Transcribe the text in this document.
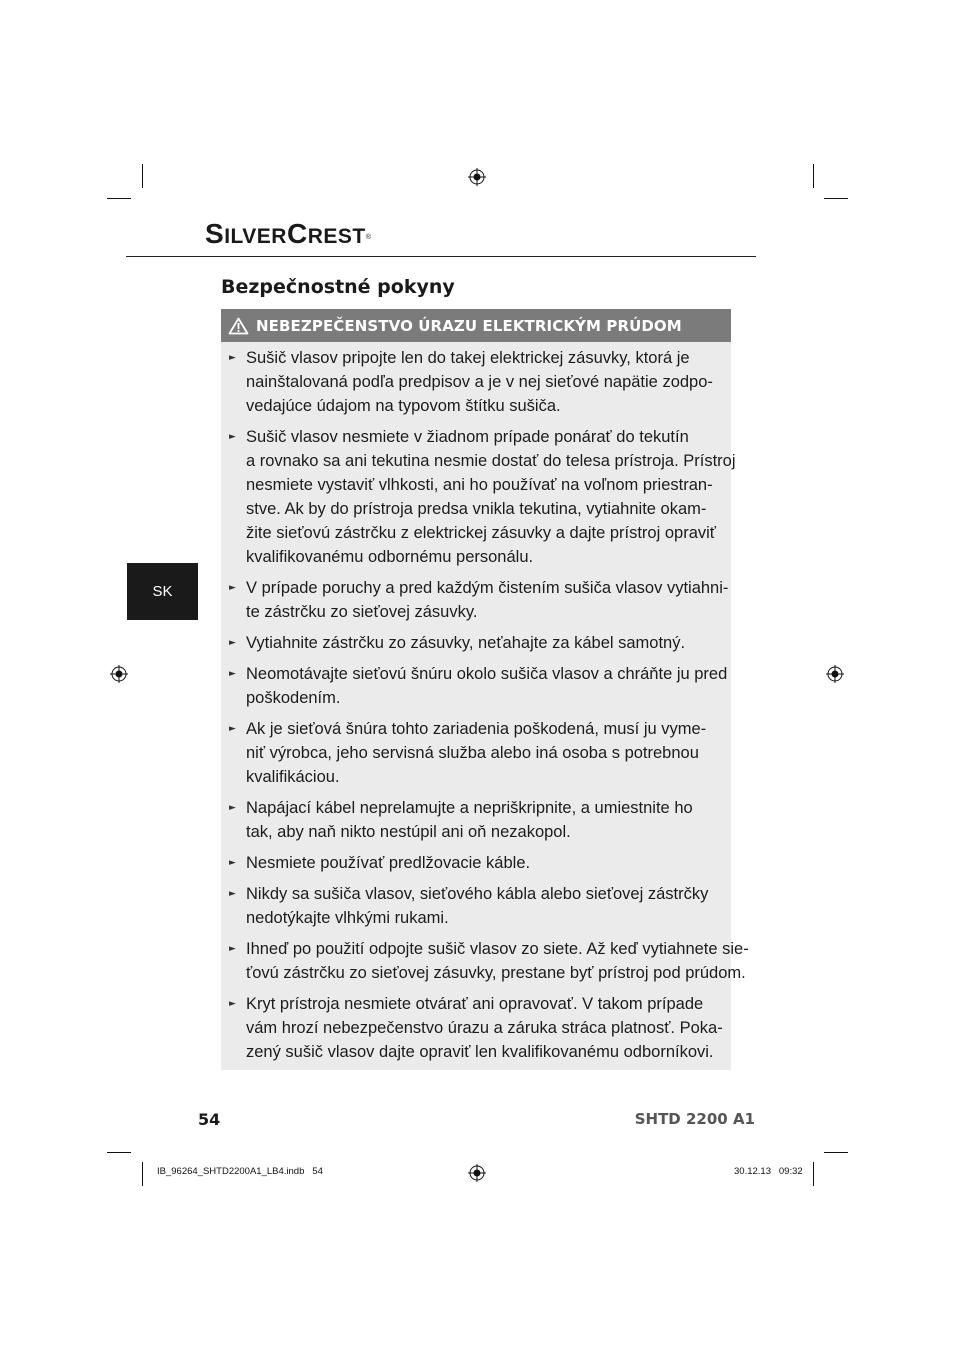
SILVERCREST®
Bezpečnostné pokyny
NEBEZPEČENSTVO ÚRAZU ELEKTRICKÝM PRÚDOM
► Sušič vlasov pripojte len do takej elektrickej zásuvky, ktorá je
nainštalovaná podľa predpisov a je v nej sieťové napätie zodpo-
vedajúce údajom na typovom štítku sušiča.
► Sušič vlasov nesmiete v žiadnom prípade ponárať do tekutín
a rovnako sa ani tekutina nesmie dostať do telesa prístroja. Prístroj
nesmiete vystaviť vlhkosti, ani ho používať na voľnom priestran-
stve. Ak by do prístroja predsa vnikla tekutina, vytiahnite okam-
žite sieťovú zástrčku z elektrickej zásuvky a dajte prístroj opraviť
kvalifikovanému odbornému personálu.
► V prípade poruchy a pred každým čistením sušiča vlasov vytiahni-
te zástrčku zo sieťovej zásuvky.
► Vytiahnite zástrčku zo zásuvky, neťahajte za kábel samotný.
► Neomotávajte sieťovú šnúru okolo sušiča vlasov a chráňte ju pred
poškodením.
► Ak je sieťová šnúra tohto zariadenia poškodená, musí ju vyme-
niť výrobca, jeho servisná služba alebo iná osoba s potrebnou
kvalifikáciou.
► Napájací kábel neprelamujte a nepriškripnite, a umiestnite ho
tak, aby naň nikto nestúpil ani oň nezakopol.
► Nesmiete používať predlžovacie káble.
► Nikdy sa sušiča vlasov, sieťového kábla alebo sieťovej zástrčky
nedotýkajte vlhkými rukami.
► Ihneď po použití odpojte sušič vlasov zo siete. Až keď vytiahnete sie-
ťovú zástrčku zo sieťovej zásuvky, prestane byť prístroj pod prúdom.
► Kryt prístroja nesmiete otvárať ani opravovať. V takom prípade
vám hrozí nebezpečenstvo úrazu a záruka stráca platnosť. Poka-
zený sušič vlasov dajte opraviť len kvalifikovanému odborníkovi.
SK
54	SHTD 2200 A1
IB_96264_SHTD2200A1_LB4.indb   54	30.12.13   09:32
